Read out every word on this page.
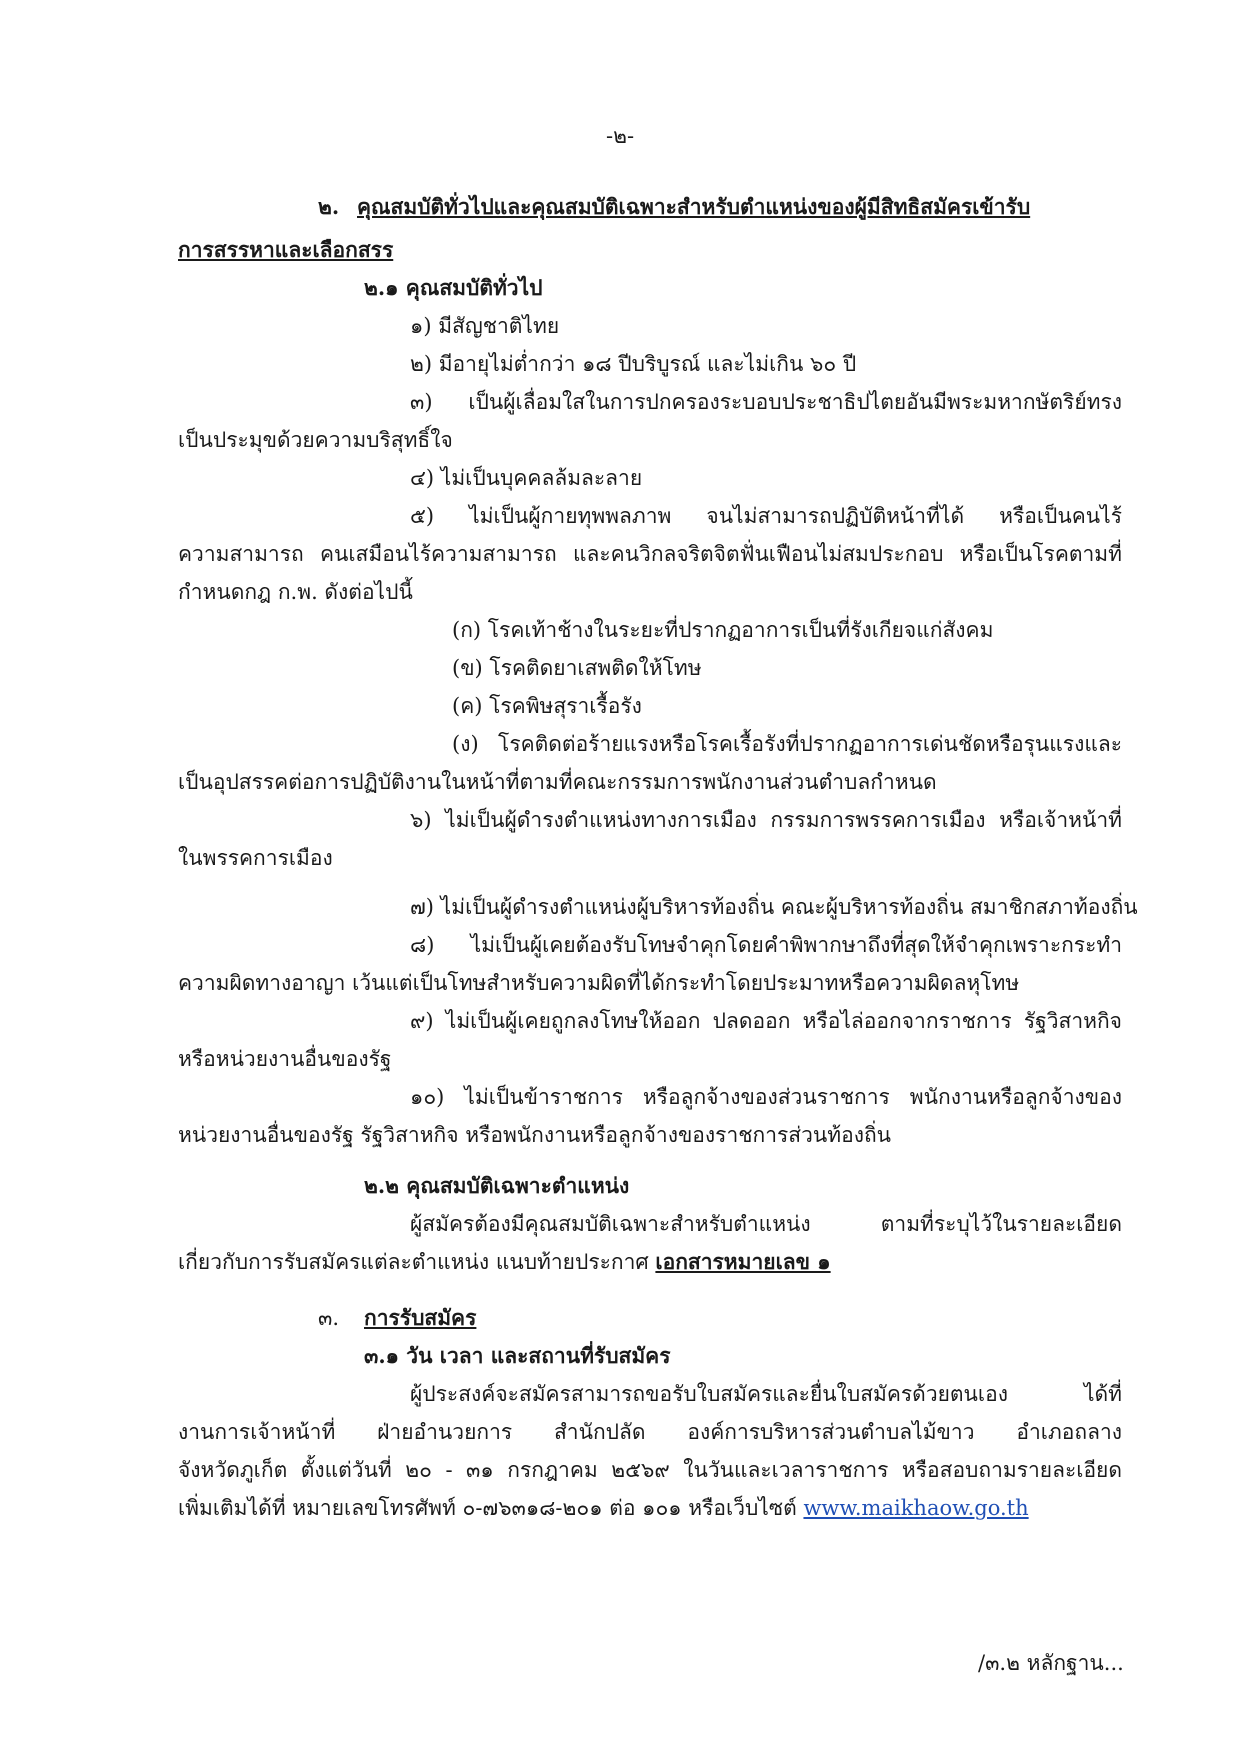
-๒-
๒. คุณสมบัติทั่วไปและคุณสมบัติเฉพาะสำหรับตำแหน่งของผู้มีสิทธิสมัครเข้ารับ
การสรรหาและเลือกสรร
๒.๑ คุณสมบัติทั่วไป
๑) มีสัญชาติไทย
๒) มีอายุไม่ต่ำกว่า ๑๘ ปีบริบูรณ์ และไม่เกิน ๖๐ ปี
๓) เป็นผู้เลื่อมใสในการปกครองระบอบประชาธิปไตยอันมีพระมหากษัตริย์ทรง
เป็นประมุขด้วยความบริสุทธิ์ใจ
๔) ไม่เป็นบุคคลล้มละลาย
๕) ไม่เป็นผู้กายทุพพลภาพ จนไม่สามารถปฏิบัติหน้าที่ได้ หรือเป็นคนไร้
ความสามารถ คนเสมือนไร้ความสามารถ และคนวิกลจริตจิตฟั่นเฟือนไม่สมประกอบ หรือเป็นโรคตามที่
กำหนดกฎ ก.พ. ดังต่อไปนี้
(ก) โรคเท้าช้างในระยะที่ปรากฏอาการเป็นที่รังเกียจแก่สังคม
(ข) โรคติดยาเสพติดให้โทษ
(ค) โรคพิษสุราเรื้อรัง
(ง) โรคติดต่อร้ายแรงหรือโรคเรื้อรังที่ปรากฏอาการเด่นชัดหรือรุนแรงและ
เป็นอุปสรรคต่อการปฏิบัติงานในหน้าที่ตามที่คณะกรรมการพนักงานส่วนตำบลกำหนด
๖) ไม่เป็นผู้ดำรงตำแหน่งทางการเมือง กรรมการพรรคการเมือง หรือเจ้าหน้าที่
ในพรรคการเมือง
๗) ไม่เป็นผู้ดำรงตำแหน่งผู้บริหารท้องถิ่น คณะผู้บริหารท้องถิ่น สมาชิกสภาท้องถิ่น
๘) ไม่เป็นผู้เคยต้องรับโทษจำคุกโดยคำพิพากษาถึงที่สุดให้จำคุกเพราะกระทำ
ความผิดทางอาญา เว้นแต่เป็นโทษสำหรับความผิดที่ได้กระทำโดยประมาทหรือความผิดลหุโทษ
๙) ไม่เป็นผู้เคยถูกลงโทษให้ออก ปลดออก หรือไล่ออกจากราชการ รัฐวิสาหกิจ
หรือหน่วยงานอื่นของรัฐ
๑๐) ไม่เป็นข้าราชการ หรือลูกจ้างของส่วนราชการ พนักงานหรือลูกจ้างของ
หน่วยงานอื่นของรัฐ รัฐวิสาหกิจ หรือพนักงานหรือลูกจ้างของราชการส่วนท้องถิ่น
๒.๒ คุณสมบัติเฉพาะตำแหน่ง
ผู้สมัครต้องมีคุณสมบัติเฉพาะสำหรับตำแหน่ง ตามที่ระบุไว้ในรายละเอียด
เกี่ยวกับการรับสมัครแต่ละตำแหน่ง แนบท้ายประกาศ เอกสารหมายเลข ๑
๓. การรับสมัคร
๓.๑ วัน เวลา และสถานที่รับสมัคร
ผู้ประสงค์จะสมัครสามารถขอรับใบสมัครและยื่นใบสมัครด้วยตนเอง ได้ที่
งานการเจ้าหน้าที่ ฝ่ายอำนวยการ สำนักปลัด องค์การบริหารส่วนตำบลไม้ขาว อำเภอถลาง
จังหวัดภูเก็ต ตั้งแต่วันที่ ๒๐ - ๓๑ กรกฎาคม ๒๕๖๙ ในวันและเวลาราชการ หรือสอบถามรายละเอียด
เพิ่มเติมได้ที่ หมายเลขโทรศัพท์ ๐-๗๖๓๑๘-๒๐๑ ต่อ ๑๐๑ หรือเว็บไซต์ www.maikhaow.go.th
/๓.๒ หลักฐาน...
